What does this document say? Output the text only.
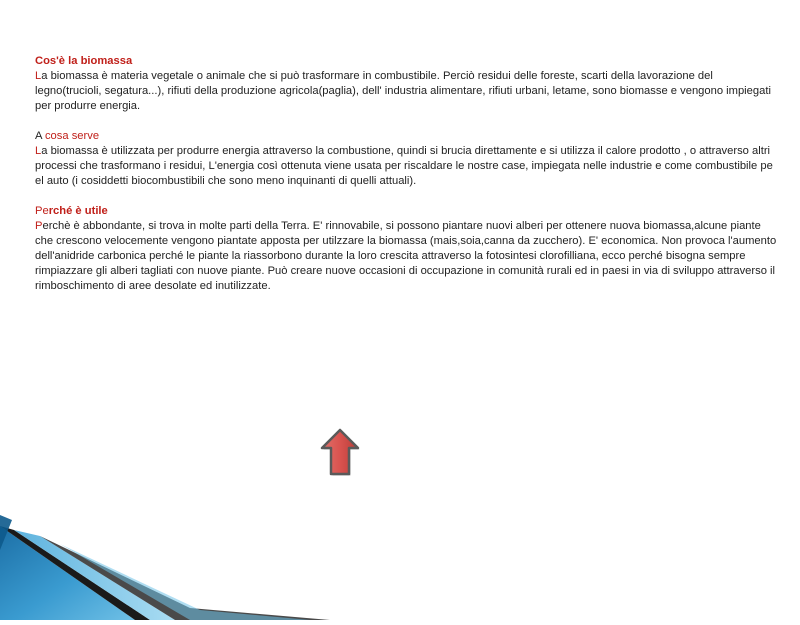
Cos'è la biomassa
La biomassa è materia vegetale o animale che si può trasformare in combustibile. Perciò residui delle foreste, scarti della lavorazione del legno(trucioli, segatura...), rifiuti della produzione agricola(paglia), dell' industria alimentare, rifiuti urbani, letame, sono biomasse e vengono impiegati per produrre energia.
A cosa serve
La biomassa è utilizzata per produrre energia attraverso la combustione, quindi si brucia direttamente e si utilizza il calore prodotto , o attraverso altri processi che trasformano i residui, L'energia così ottenuta viene usata per riscaldare le nostre case, impiegata nelle industrie e come combustibile pe el auto (i cosiddetti biocombustibili che sono meno inquinanti di quelli attuali).
Perché è utile
Perchè è abbondante, si trova in molte parti della Terra. E' rinnovabile, si possono piantare nuovi alberi per ottenere nuova biomassa,alcune piante che crescono velocemente vengono piantate apposta per utilzzare la biomassa (mais,soia,canna da zucchero). E' economica. Non provoca l'aumento dell'anidride carbonica perché le piante la riassorbono durante la loro crescita attraverso la fotosintesi clorofilliana, ecco perché bisogna sempre rimpiazzare gli alberi tagliati con nuove piante. Può creare nuove occasioni di occupazione in comunità rurali ed in paesi in via di sviluppo attraverso il rimboschimento di aree desolate ed inutilizzate.
